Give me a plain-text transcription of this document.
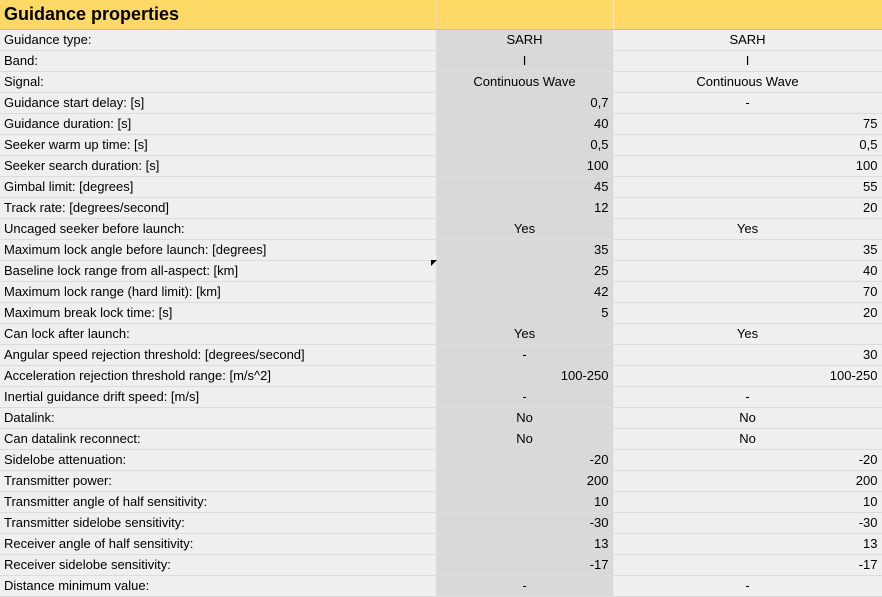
Guidance properties		
Guidance type:	SARH	SARH
Band:	I	I
Signal:	Continuous Wave	Continuous Wave
Guidance start delay: [s]	0,7	-
Guidance duration: [s]	40	75
Seeker warm up time: [s]	0,5	0,5
Seeker search duration: [s]	100	100
Gimbal limit: [degrees]	45	55
Track rate: [degrees/second]	12	20
Uncaged seeker before launch:	Yes	Yes
Maximum lock angle before launch: [degrees]	35	35
Baseline lock range from all-aspect: [km]	25	40
Maximum lock range (hard limit): [km]	42	70
Maximum break lock time: [s]	5	20
Can lock after launch:	Yes	Yes
Angular speed rejection threshold: [degrees/second]	-	30
Acceleration rejection threshold range: [m/s^2]	100-250	100-250
Inertial guidance drift speed: [m/s]	-	-
Datalink:	No	No
Can datalink reconnect:	No	No
Sidelobe attenuation:	-20	-20
Transmitter power:	200	200
Transmitter angle of half sensitivity:	10	10
Transmitter sidelobe sensitivity:	-30	-30
Receiver angle of half sensitivity:	13	13
Receiver sidelobe sensitivity:	-17	-17
Distance minimum value:	-	-
